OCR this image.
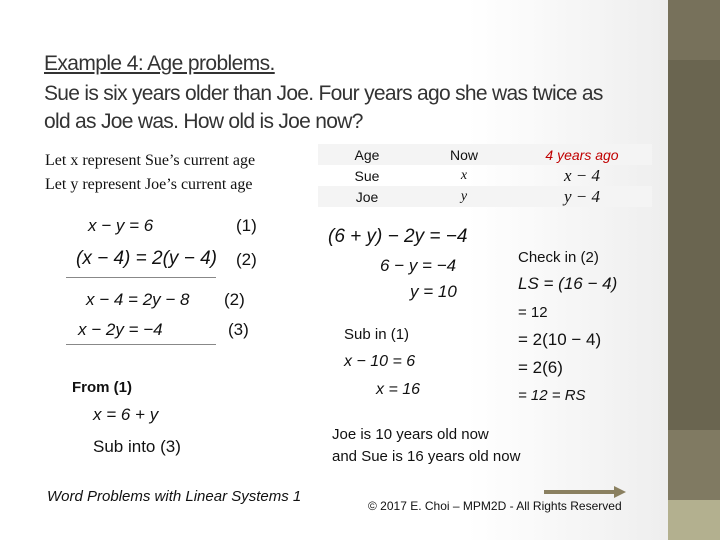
Example 4: Age problems.
Sue is six years older than Joe. Four years ago she was twice as
old as Joe was. How old is Joe now?
Let x represent Sue’s current age
Let y represent Joe’s current age
Age	Now	4 years ago
Sue	x	x − 4
Joe	y	y − 4
x − y = 6	(1)
(x − 4) = 2(y − 4) (2)
x − 4 = 2y − 8 (2)
x − 2y = −4	(3)
From (1)
x = 6 + y
Sub into (3)
(6 + y) − 2y = −4
6 − y = −4
y = 10
Sub in (1)
x − 10 = 6
x = 16
Check in (2)
LS = (16 − 4)
= 12
= 2(10 − 4)
= 2(6)
= 12 = RS
Joe is 10 years old now
and Sue is 16 years old now
Word Problems with Linear Systems 1
© 2017 E. Choi – MPM2D - All Rights Reserved
